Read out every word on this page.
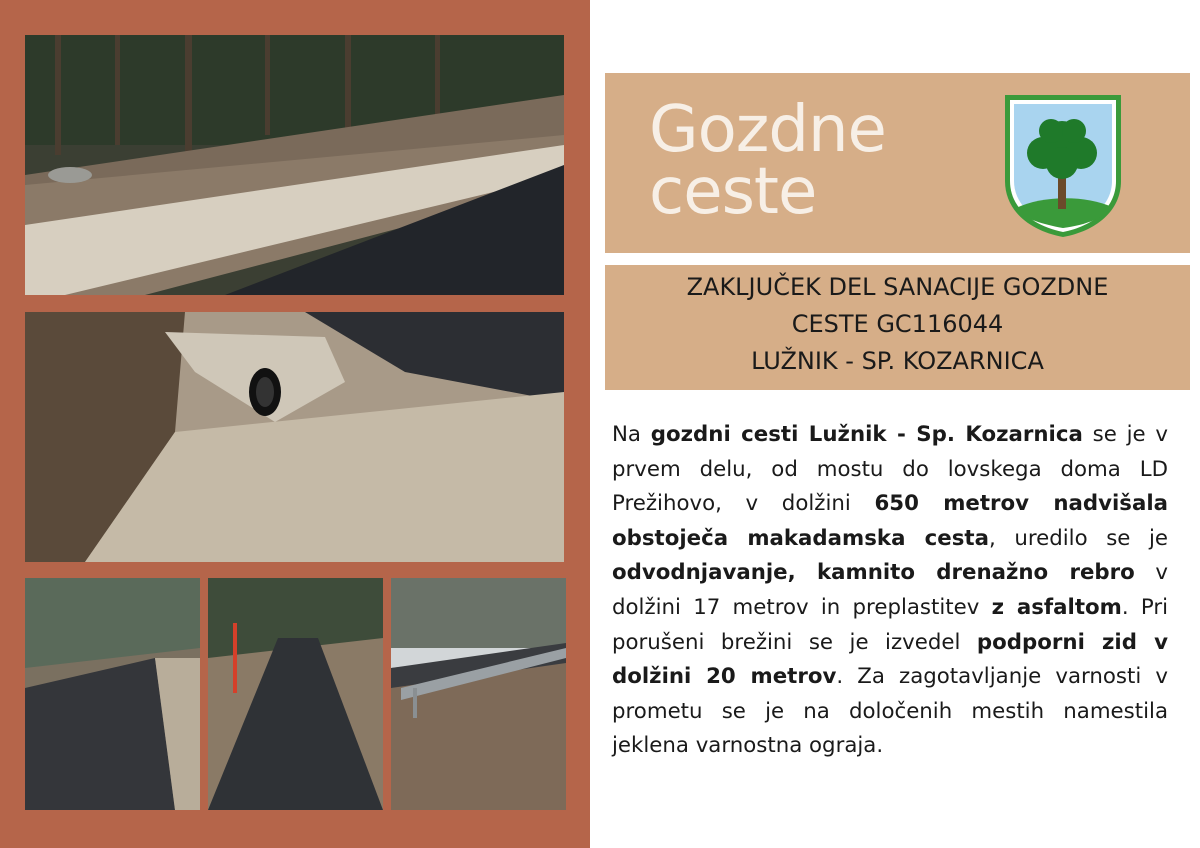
Gozdne
ceste
ZAKLJUČEK DEL SANACIJE GOZDNE
CESTE GC116044
LUŽNIK - SP. KOZARNICA
Na gozdni cesti Lužnik - Sp. Kozarnica se je v prvem delu, od mostu do lovskega doma LD Prežihovo, v dolžini 650 metrov nadvišala obstoječa makadamska cesta, uredilo se je odvodnjavanje, kamnito drenažno rebro v dolžini 17 metrov in preplastitev z asfaltom. Pri porušeni brežini se je izvedel podporni zid v dolžini 20 metrov. Za zagotavljanje varnosti v prometu se je na določenih mestih namestila jeklena varnostna ograja.
